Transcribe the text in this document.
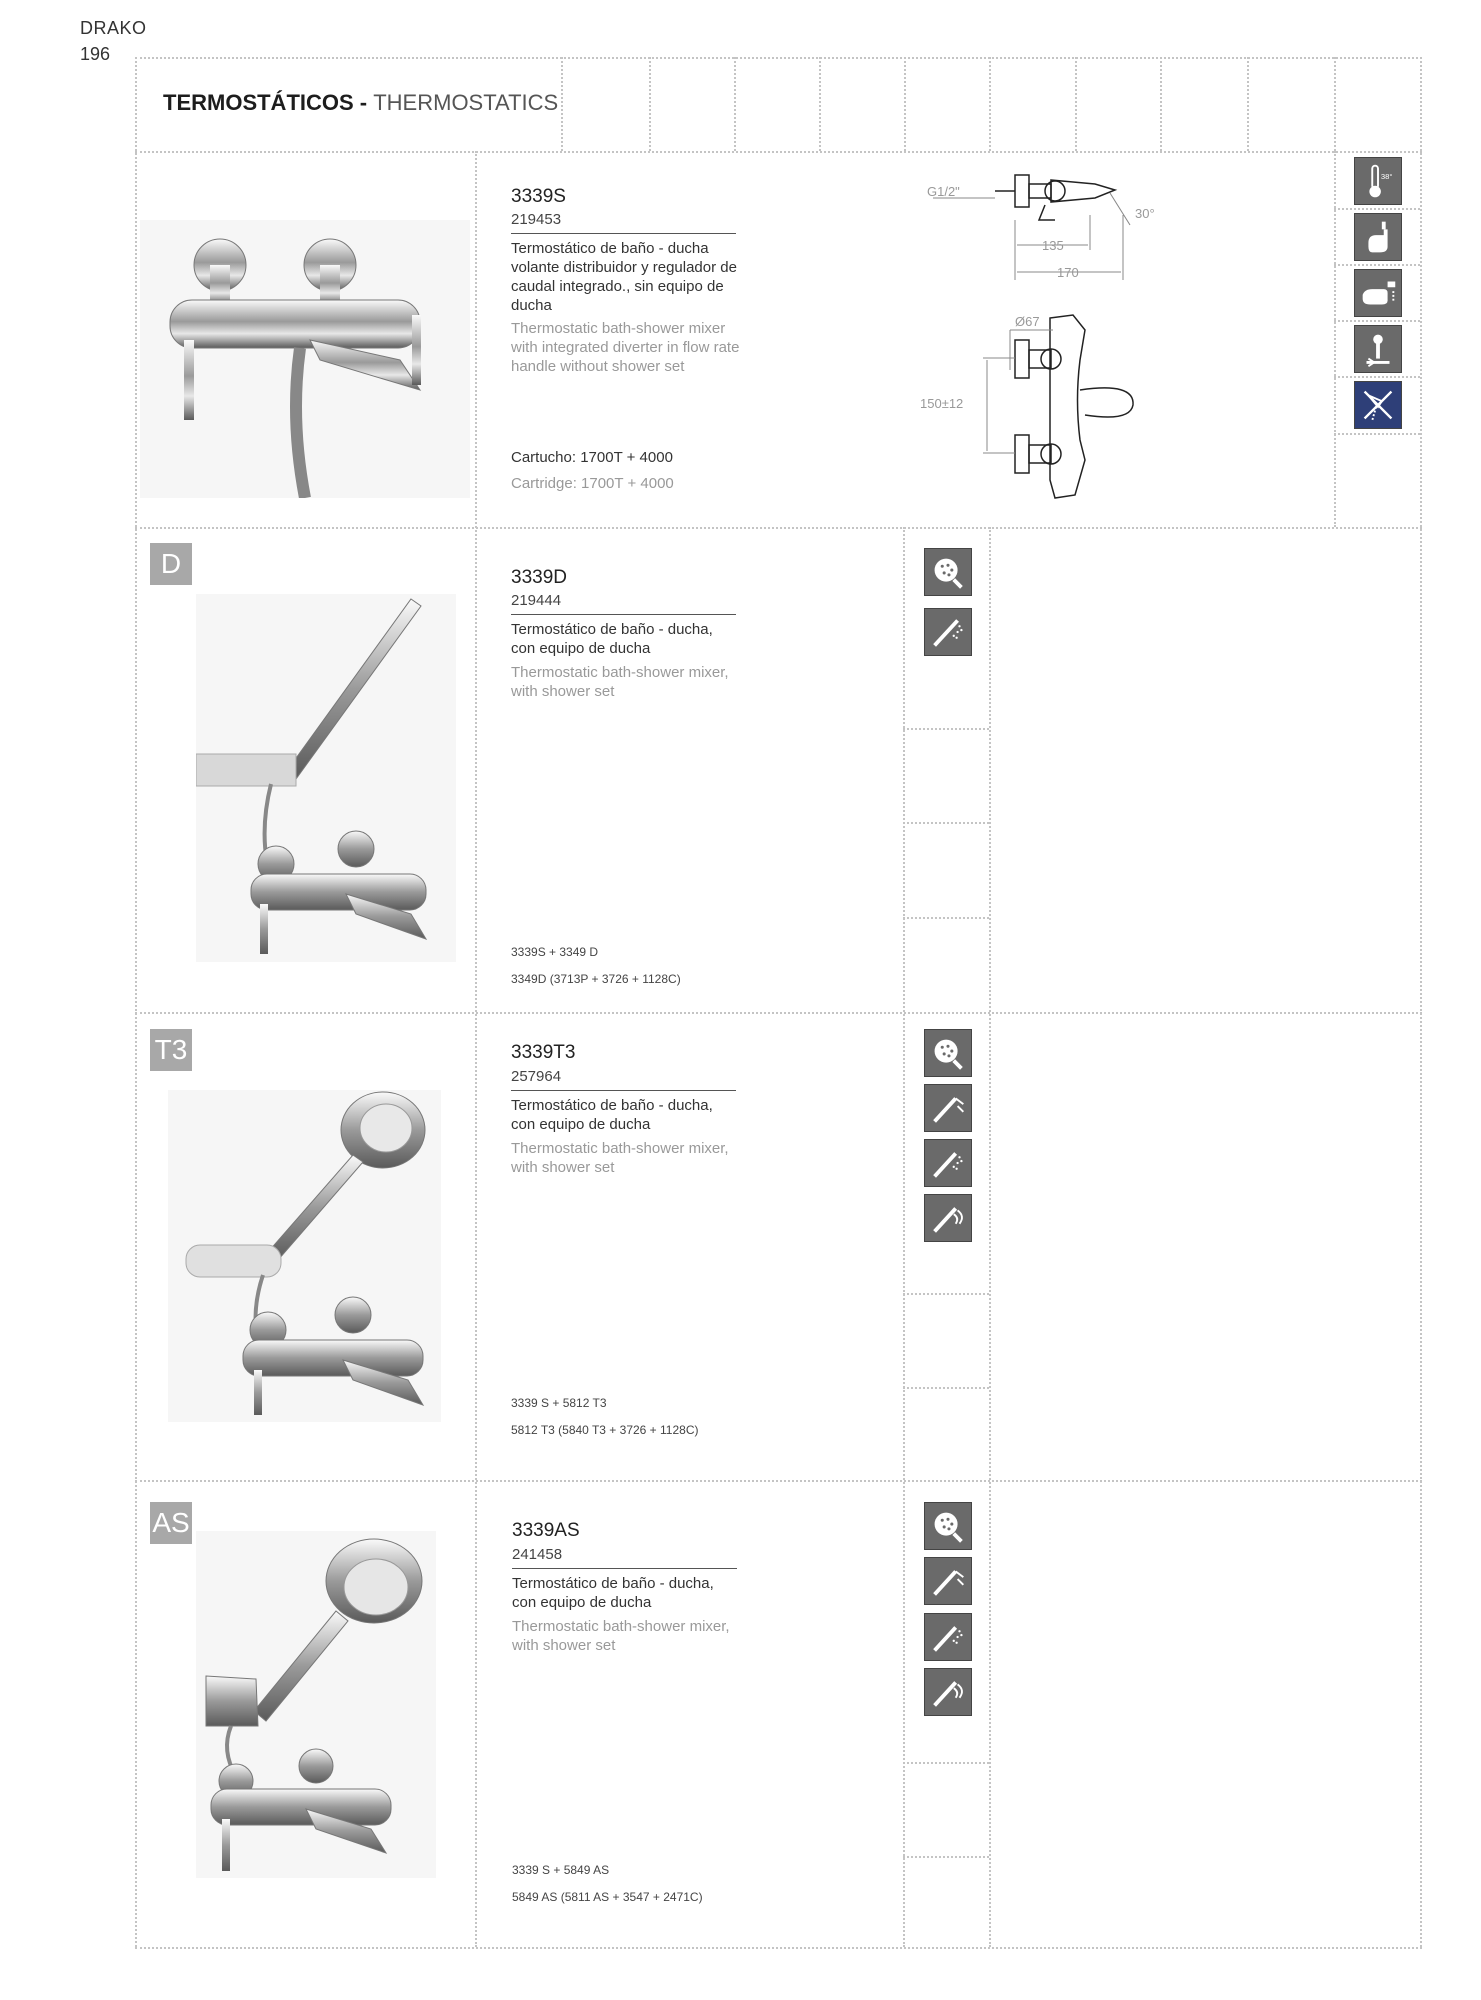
DRAKO
196
TERMOSTÁTICOS - THERMOSTATICS
3339S
219453
Termostático de baño - ducha volante distribuidor y regulador de caudal integrado., sin equipo de ducha
Thermostatic bath-shower mixer with integrated diverter in flow rate handle without shower set
Cartucho: 1700T + 4000
Cartridge: 1700T + 4000
G1/2"
30°
135
170
Ø67
150±12
38°
D	3339D
219444
Termostático de baño - ducha, con equipo de ducha
Thermostatic bath-shower mixer, with shower set
3339S + 3349 D
3349D (3713P + 3726 + 1128C)
T3	3339T3
257964
Termostático de baño - ducha, con equipo de ducha
Thermostatic bath-shower mixer, with shower set
3339 S + 5812 T3
5812 T3 (5840 T3 + 3726 + 1128C)
AS	3339AS
241458
Termostático de baño - ducha, con equipo de ducha
Thermostatic bath-shower mixer, with shower set
3339 S + 5849 AS
5849 AS (5811 AS + 3547 + 2471C)
